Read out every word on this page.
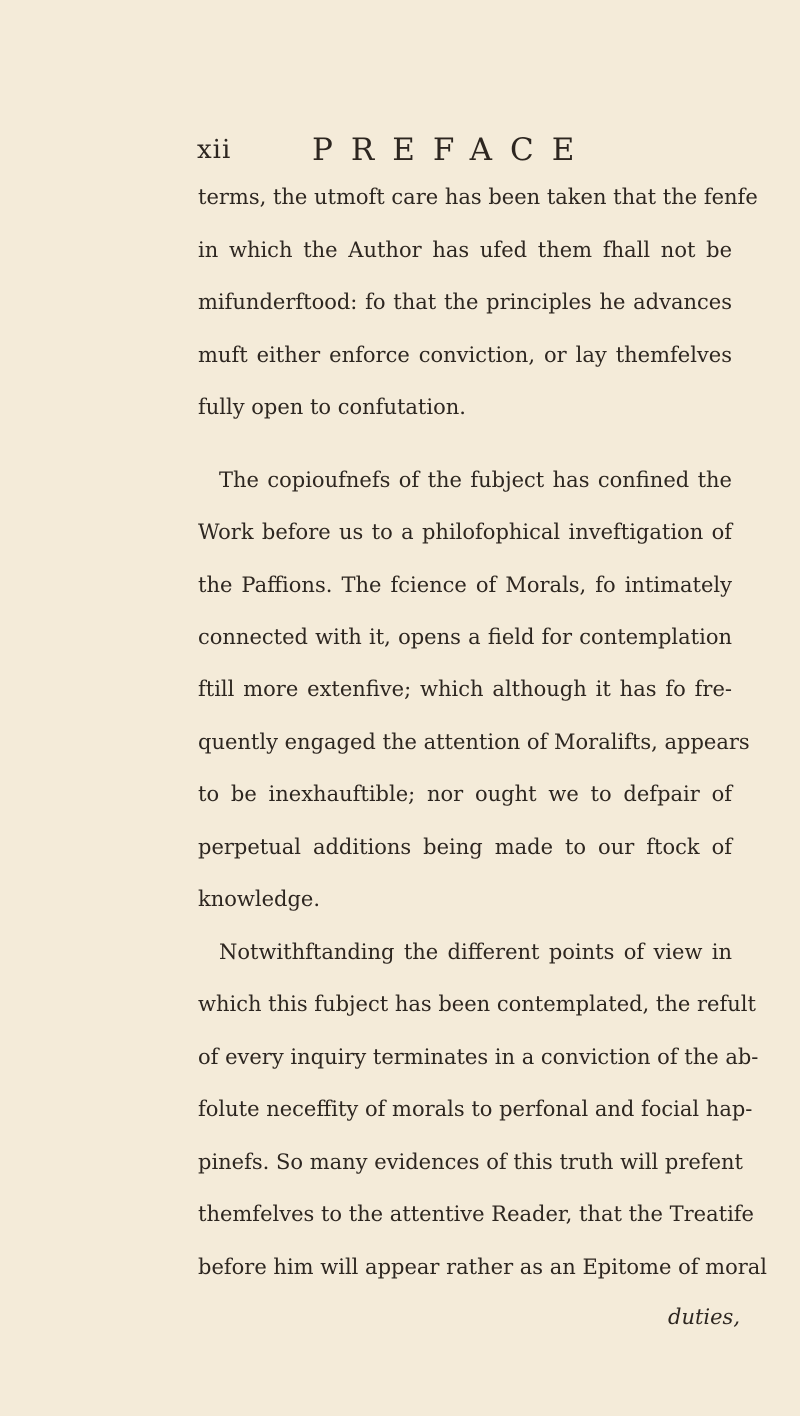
xii	PREFACE
terms, the utmoft care has been taken that the fenfe
in which the Author has ufed them fhall not be
mifunderftood: fo that the principles he advances
muft either enforce conviction, or lay themfelves
fully open to confutation.
The copioufnefs of the fubject has confined the
Work before us to a philofophical inveftigation of
the Paffions. The fcience of Morals, fo intimately
connected with it, opens a field for contemplation
ftill more extenfive; which although it has fo fre-
quently engaged the attention of Moralifts, appears
to be inexhauftible; nor ought we to defpair of
perpetual additions being made to our ftock of
knowledge.
Notwithftanding the different points of view in
which this fubject has been contemplated, the refult
of every inquiry terminates in a conviction of the ab-
folute neceffity of morals to perfonal and focial hap-
pinefs. So many evidences of this truth will prefent
themfelves to the attentive Reader, that the Treatife
before him will appear rather as an Epitome of moral
duties,
